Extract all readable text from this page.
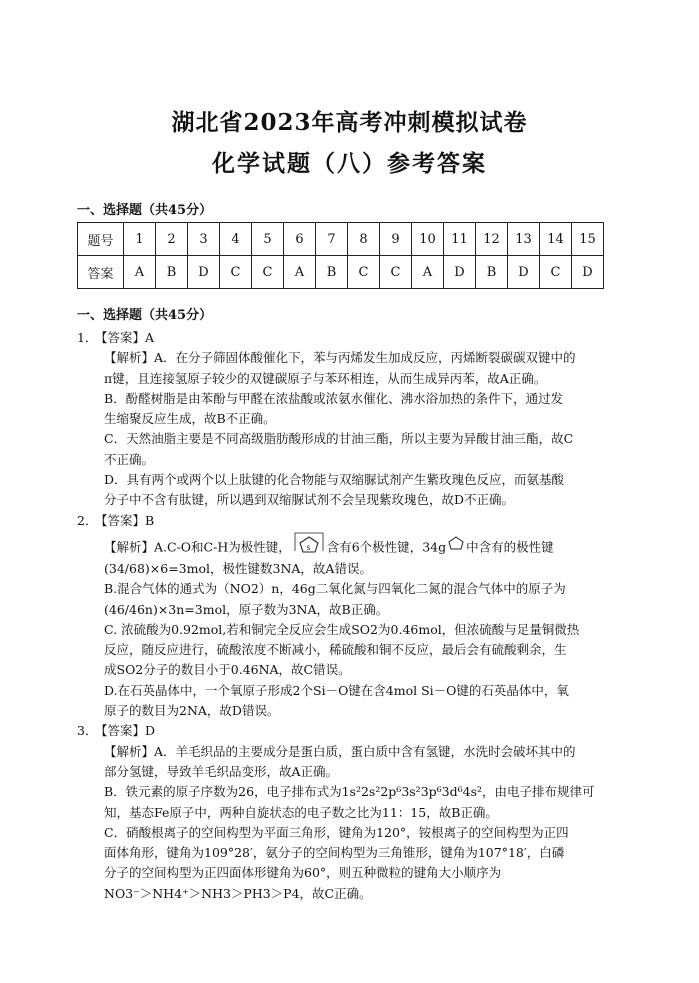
湖北省2023年高考冲刺模拟试卷
化学试题（八）参考答案
一、选择题（共45分）
题号	1	2	3	4	5	6	7	8	9	10	11	12	13	14	15
答案	A	B	D	C	C	A	B	C	C	A	D	B	D	C	D
一、选择题（共45分）
1．【答案】A
【解析】A．在分子筛固体酸催化下，苯与丙烯发生加成反应，丙烯断裂碳碳双键中的
π键，且连接氢原子较少的双键碳原子与苯环相连，从而生成异丙苯，故A正确。
B．酚醛树脂是由苯酚与甲醛在浓盐酸或浓氨水催化、沸水浴加热的条件下，通过发
生缩聚反应生成，故B不正确。
C．天然油脂主要是不同高级脂肪酸形成的甘油三酯，所以主要为异酸甘油三酯，故C
不正确。
D．具有两个或两个以上肽键的化合物能与双缩脲试剂产生紫玫瑰色反应，而氨基酸
分子中不含有肽键，所以遇到双缩脲试剂不会呈现紫玫瑰色，故D不正确。
2．【答案】B
【解析】A.C-O和C-H为极性键，	S 含有6个极性键，34g 中含有的极性键
(34/68)×6=3mol，极性键数3NA，故A错误。
B.混合气体的通式为（NO2）n，46g二氧化氮与四氧化二氮的混合气体中的原子为
(46/46n)×3n=3mol，原子数为3NA，故B正确。
C. 浓硫酸为0.92mol,若和铜完全反应会生成SO2为0.46mol，但浓硫酸与足量铜微热
反应，随反应进行，硫酸浓度不断减小，稀硫酸和铜不反应，最后会有硫酸剩余，生
成SO2分子的数目小于0.46NA，故C错误。
D.在石英晶体中，一个氧原子形成2个Si－O键在含4mol Si－O键的石英晶体中，氧
原子的数目为2NA，故D错误。
3．【答案】D
【解析】A．羊毛织品的主要成分是蛋白质，蛋白质中含有氢键，水洗时会破坏其中的
部分氢键，导致羊毛织品变形，故A正确。
B．铁元素的原子序数为26，电子排布式为1s²2s²2p⁶3s²3p⁶3d⁶4s²，由电子排布规律可
知，基态Fe原子中，两种自旋状态的电子数之比为11：15，故B正确。
C．硝酸根离子的空间构型为平面三角形，键角为120°，铵根离子的空间构型为正四
面体角形，键角为109°28′，氨分子的空间构型为三角锥形，键角为107°18′，白磷
分子的空间构型为正四面体形键角为60°，则五种微粒的键角大小顺序为
NO3⁻＞NH4⁺＞NH3＞PH3＞P4，故C正确。
